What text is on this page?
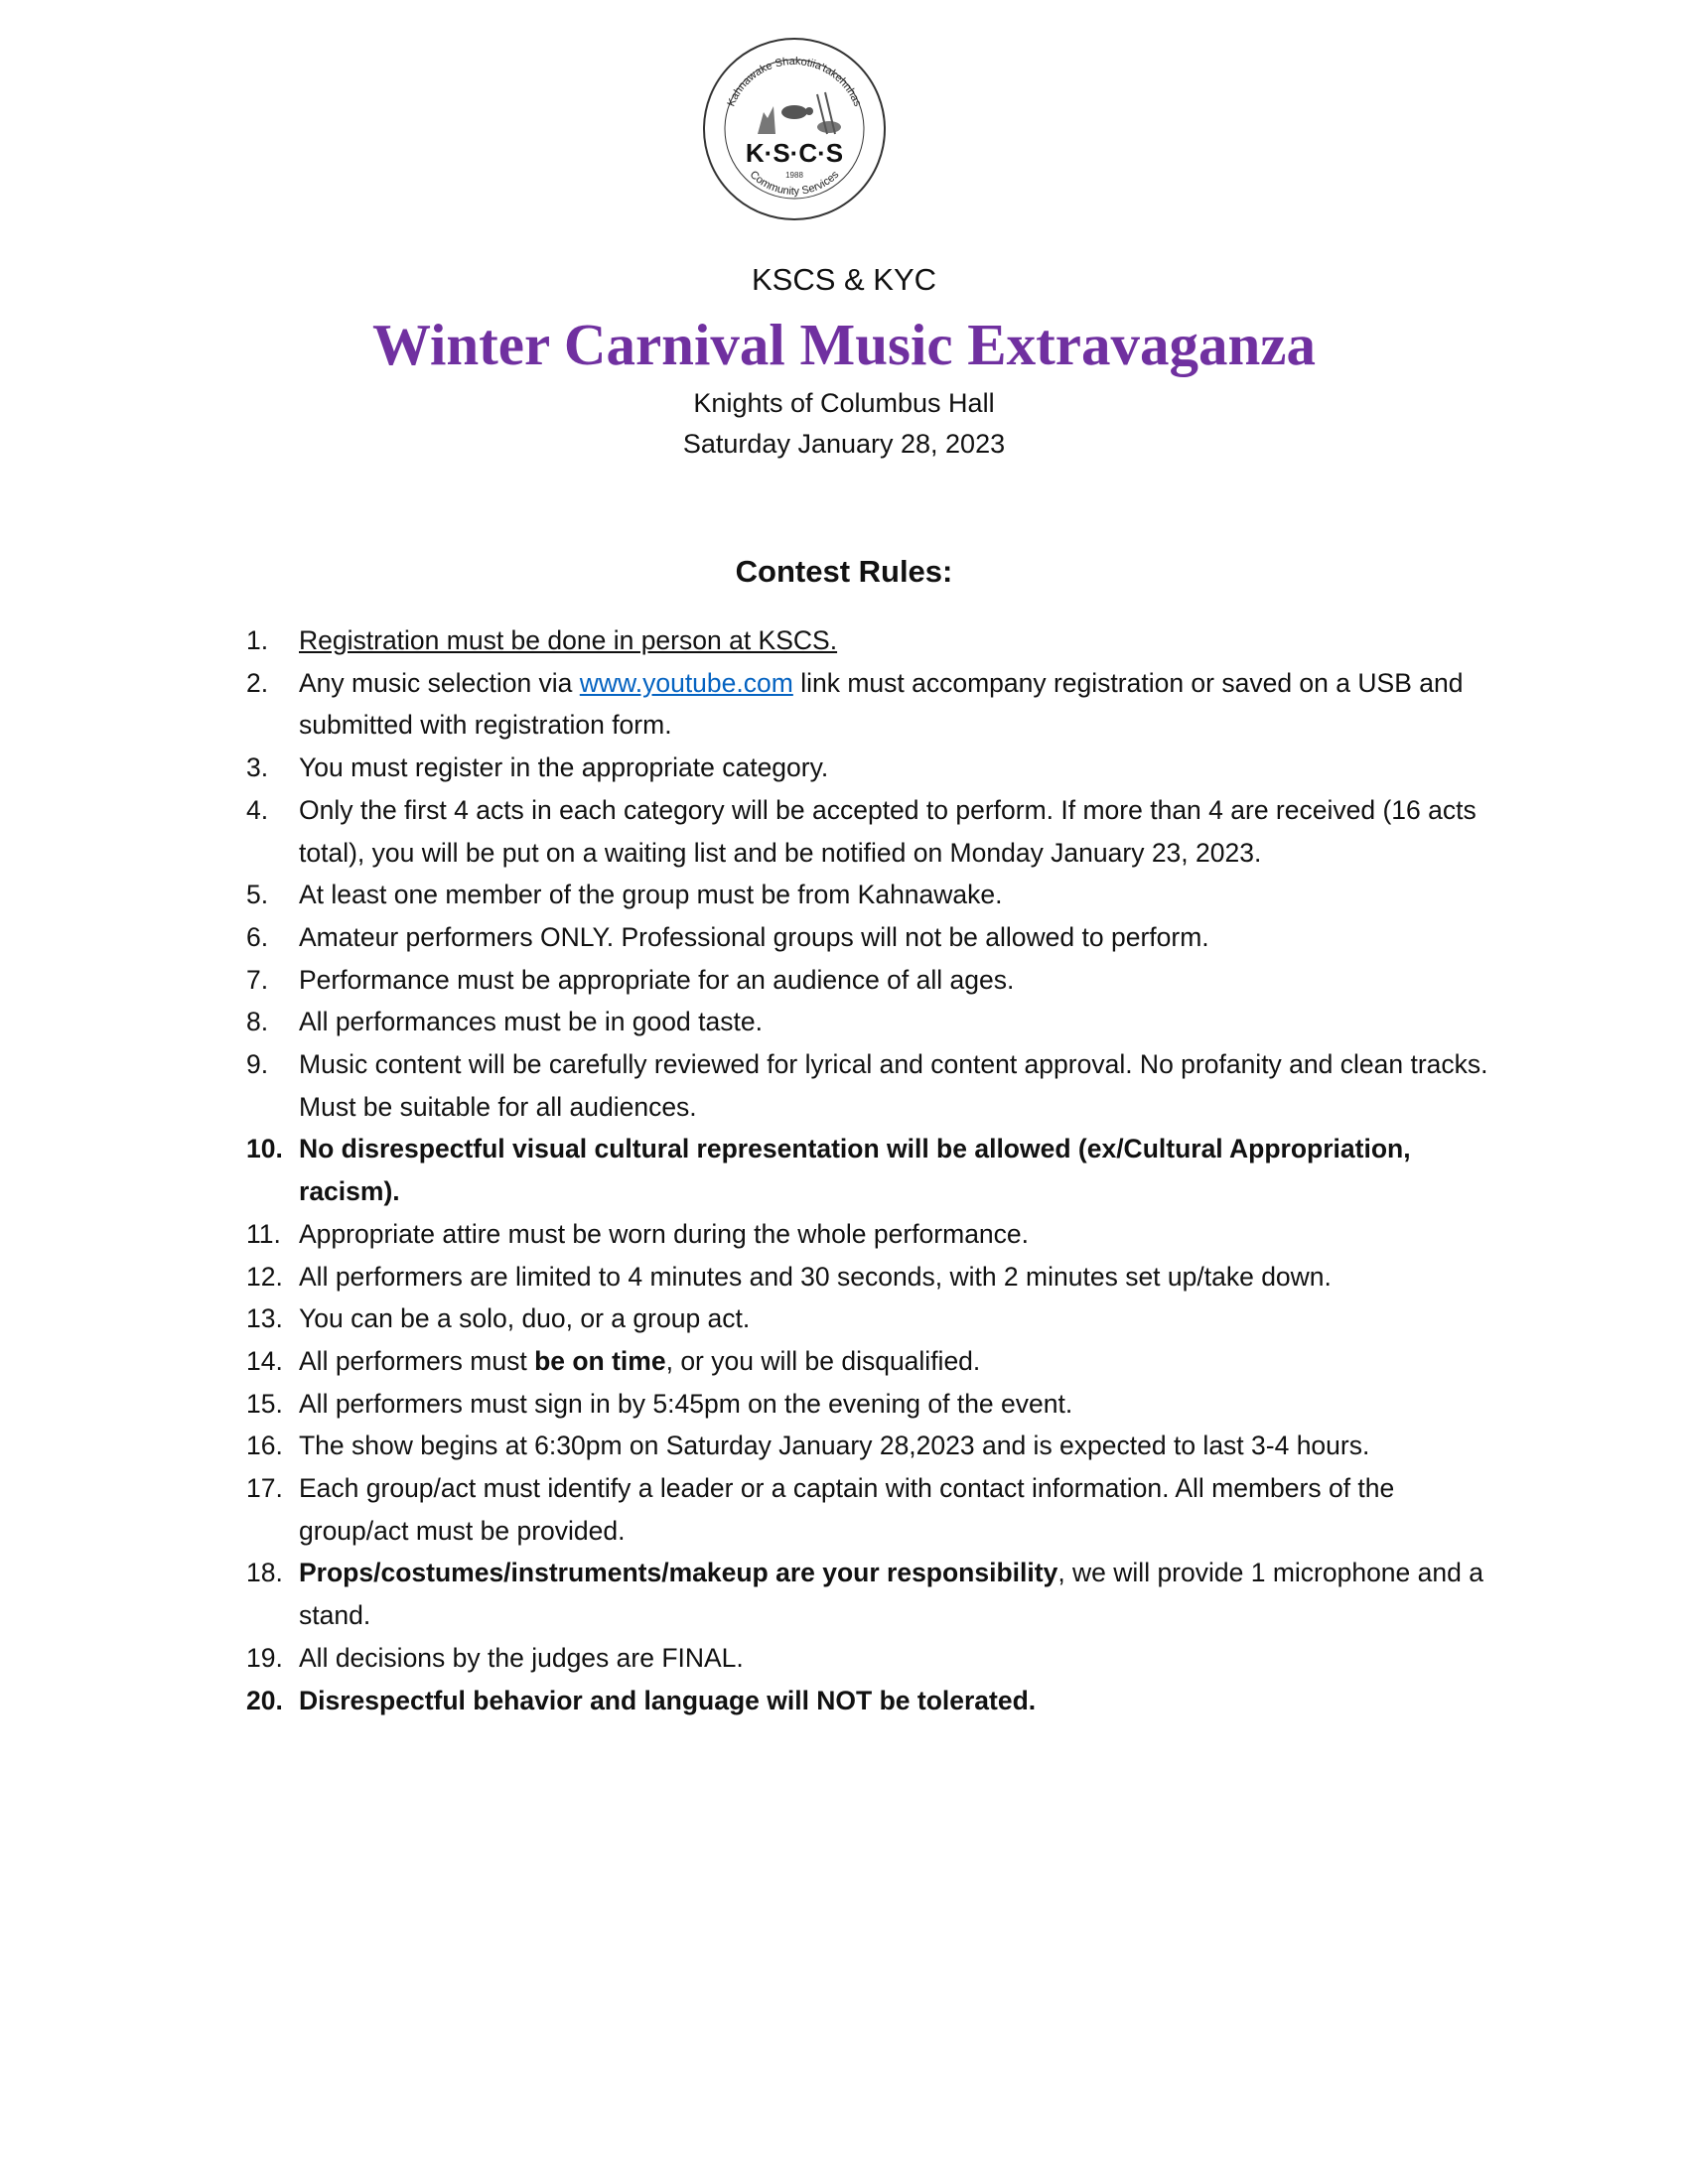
Kahnawake Shakotiia'takehnhas
Community Services
K·S·C·S
1988
KSCS & KYC
Winter Carnival Music Extravaganza
Knights of Columbus Hall
Saturday January 28, 2023
Contest Rules:
1. Registration must be done in person at KSCS.
2. Any music selection via www.youtube.com link must accompany registration or saved on a USB and submitted with registration form.
3. You must register in the appropriate category.
4. Only the first 4 acts in each category will be accepted to perform. If more than 4 are received (16 acts total), you will be put on a waiting list and be notified on Monday January 23, 2023.
5. At least one member of the group must be from Kahnawake.
6. Amateur performers ONLY. Professional groups will not be allowed to perform.
7. Performance must be appropriate for an audience of all ages.
8. All performances must be in good taste.
9. Music content will be carefully reviewed for lyrical and content approval. No profanity and clean tracks. Must be suitable for all audiences.
10. No disrespectful visual cultural representation will be allowed (ex/Cultural Appropriation, racism).
11. Appropriate attire must be worn during the whole performance.
12. All performers are limited to 4 minutes and 30 seconds, with 2 minutes set up/take down.
13. You can be a solo, duo, or a group act.
14. All performers must be on time, or you will be disqualified.
15. All performers must sign in by 5:45pm on the evening of the event.
16. The show begins at 6:30pm on Saturday January 28,2023 and is expected to last 3-4 hours.
17. Each group/act must identify a leader or a captain with contact information. All members of the group/act must be provided.
18. Props/costumes/instruments/makeup are your responsibility, we will provide 1 microphone and a stand.
19. All decisions by the judges are FINAL.
20. Disrespectful behavior and language will NOT be tolerated.
